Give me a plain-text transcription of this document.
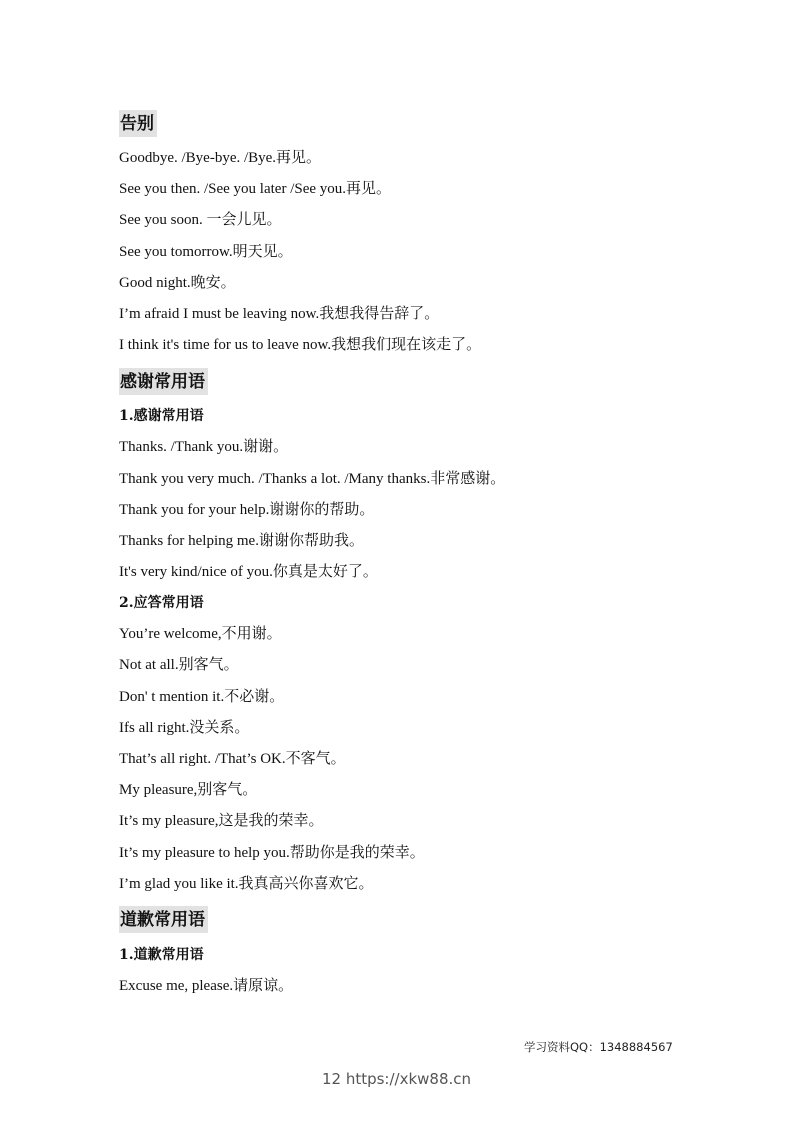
告别

Goodbye. /Bye-bye. /Bye.再见。

See you then. /See you later /See you.再见。

See you soon. 一会儿见。

See you tomorrow.明天见。

Good night.晚安。

I’m afraid I must be leaving now.我想我得告辞了。

I think it's time for us to leave now.我想我们现在该走了。

感谢常用语

1.感谢常用语

Thanks. /Thank you.谢谢。

Thank you very much. /Thanks a lot. /Many thanks.非常感谢。

Thank you for your help.谢谢你的帮助。

Thanks for helping me.谢谢你帮助我。

It's very kind/nice of you.你真是太好了。

2.应答常用语

You’re welcome,不用谢。

Not at all.别客气。

Don' t mention it.不必谢。

Ifs all right.没关系。

That’s all right. /That’s OK.不客气。

My pleasure,别客气。

It’s my pleasure,这是我的荣幸。

It’s my pleasure to help you.帮助你是我的荣幸。

I’m glad you like it.我真高兴你喜欢它。

道歉常用语

1.道歉常用语

Excuse me, please.请原谅。

学习资料QQ：1348884567
12 https://xkw88.cn
